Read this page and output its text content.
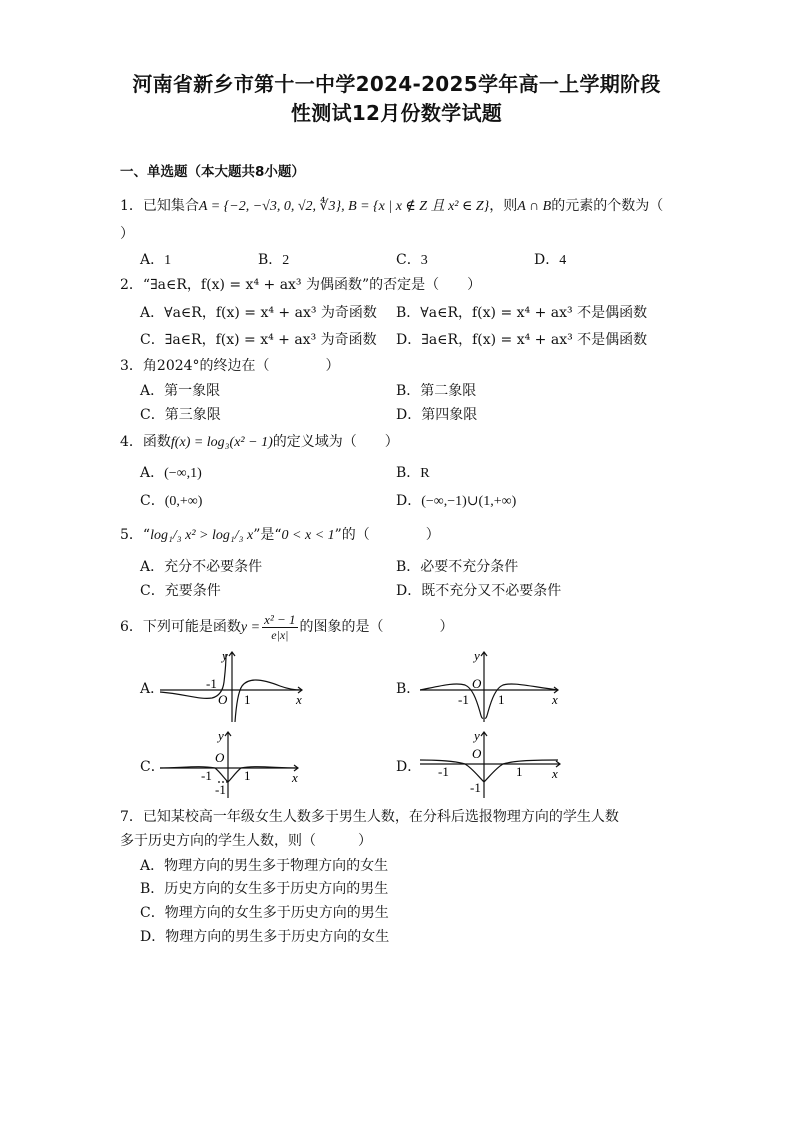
河南省新乡市第十一中学2024-2025学年高一上学期阶段
性测试12月份数学试题
一、单选题（本大题共8小题）
1．已知集合A = {−2, −√3, 0, √2, ∜3}, B = {x | x ∉ Z 且 x² ∈ Z}，则A ∩ B的元素的个数为（
）
A．1	B．2	C．3	D．4
2．“∃a∈R，f(x) = x⁴ + ax³ 为偶函数”的否定是（　　）
A．∀a∈R，f(x) = x⁴ + ax³ 为奇函数 B．∀a∈R，f(x) = x⁴ + ax³ 不是偶函数
C．∃a∈R，f(x) = x⁴ + ax³ 为奇函数 D．∃a∈R，f(x) = x⁴ + ax³ 不是偶函数
3．角2024°的终边在（　　　　）
A．第一象限	B．第二象限
C．第三象限	D．第四象限
4．函数f(x) = log₃(x² − 1)的定义域为（　　）
A．(−∞,1)	B．R
C．(0,+∞)	D．(−∞,−1)∪(1,+∞)
5．“log₁/₃ x² > log₁/₃ x”是“0 < x < 1”的（　　　　）
A．充分不必要条件	B．必要不充分条件
C．充要条件	D．既不充分又不必要条件
6．下列可能是函数$y = \frac{\text{x² − 1}}{e|x|}$ 的图象的是（　　　　）
A．	B．
C．	D．
y
x
O
-1
1
y
x
O
-1 1
y
x
O
-1
-1
1
y
x
O
-1
-1
1
7．已知某校高一年级女生人数多于男生人数，在分科后选报物理方向的学生人数
多于历史方向的学生人数，则（　　　）
A．物理方向的男生多于物理方向的女生
B．历史方向的女生多于历史方向的男生
C．物理方向的女生多于历史方向的男生
D．物理方向的男生多于历史方向的女生
